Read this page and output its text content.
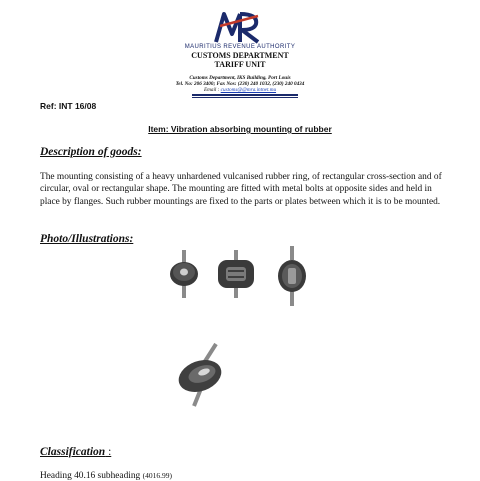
MAURITIUS REVENUE AUTHORITY
CUSTOMS DEPARTMENT
TARIFF UNIT
Customs Department, IKS Building, Port Louis
Tel. No: 206 3400; Fax Nos: (230) 240 1032, (230) 240 0434
Email : customs@@mra.intnet.mu
Ref: INT 16/08
Item: Vibration absorbing mounting of rubber
Description of goods:
The mounting consisting of a heavy unhardened vulcanised rubber ring, of rectangular cross-section and of circular, oval or rectangular shape. The mounting are fitted with metal bolts at opposite sides and held in place by flanges. Such rubber mountings are fixed to the parts or plates between which it is to be mounted.
Photo/Illustrations:
Classification :
Heading 40.16 subheading (4016.99)
